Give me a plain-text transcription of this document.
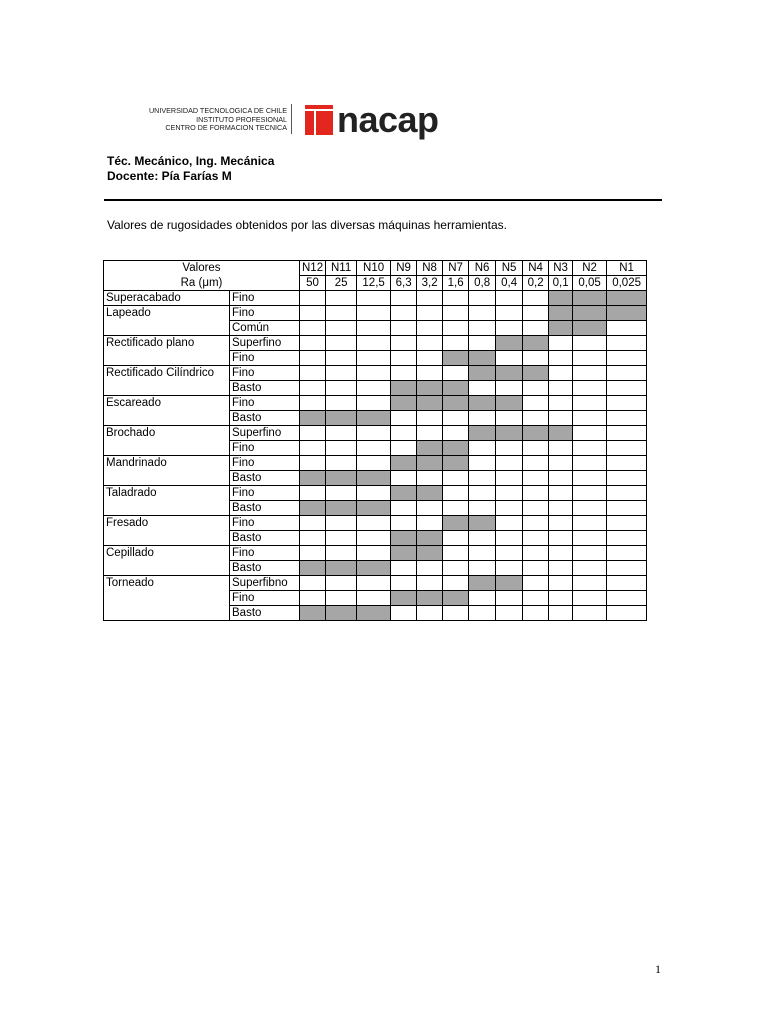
UNIVERSIDAD TECNOLOGICA DE CHILE
INSTITUTO PROFESIONAL
CENTRO DE FORMACION TECNICA nacap
Téc. Mecánico, Ing. Mecánica
Docente: Pía Farías M
Valores de rugosidades obtenidos por las diversas máquinas herramientas.
Valores		N12	N11	N10	N9	N8	N7	N6	N5	N4	N3	N2	N1
Ra (μm)		50	25	12,5	6,3	3,2	1,6	0,8	0,4	0,2	0,1	0,05	0,025
Superacabado	Fino												
Lapeado	Fino												
	Común												
Rectificado plano	Superfino												
	Fino												
Rectificado Cilíndrico	Fino												
	Basto												
Escareado	Fino												
	Basto												
Brochado	Superfino												
	Fino												
Mandrinado	Fino												
	Basto												
Taladrado	Fino												
	Basto												
Fresado	Fino												
	Basto												
Cepillado	Fino												
	Basto												
Torneado	Superfibno												
	Fino												
	Basto												
1
